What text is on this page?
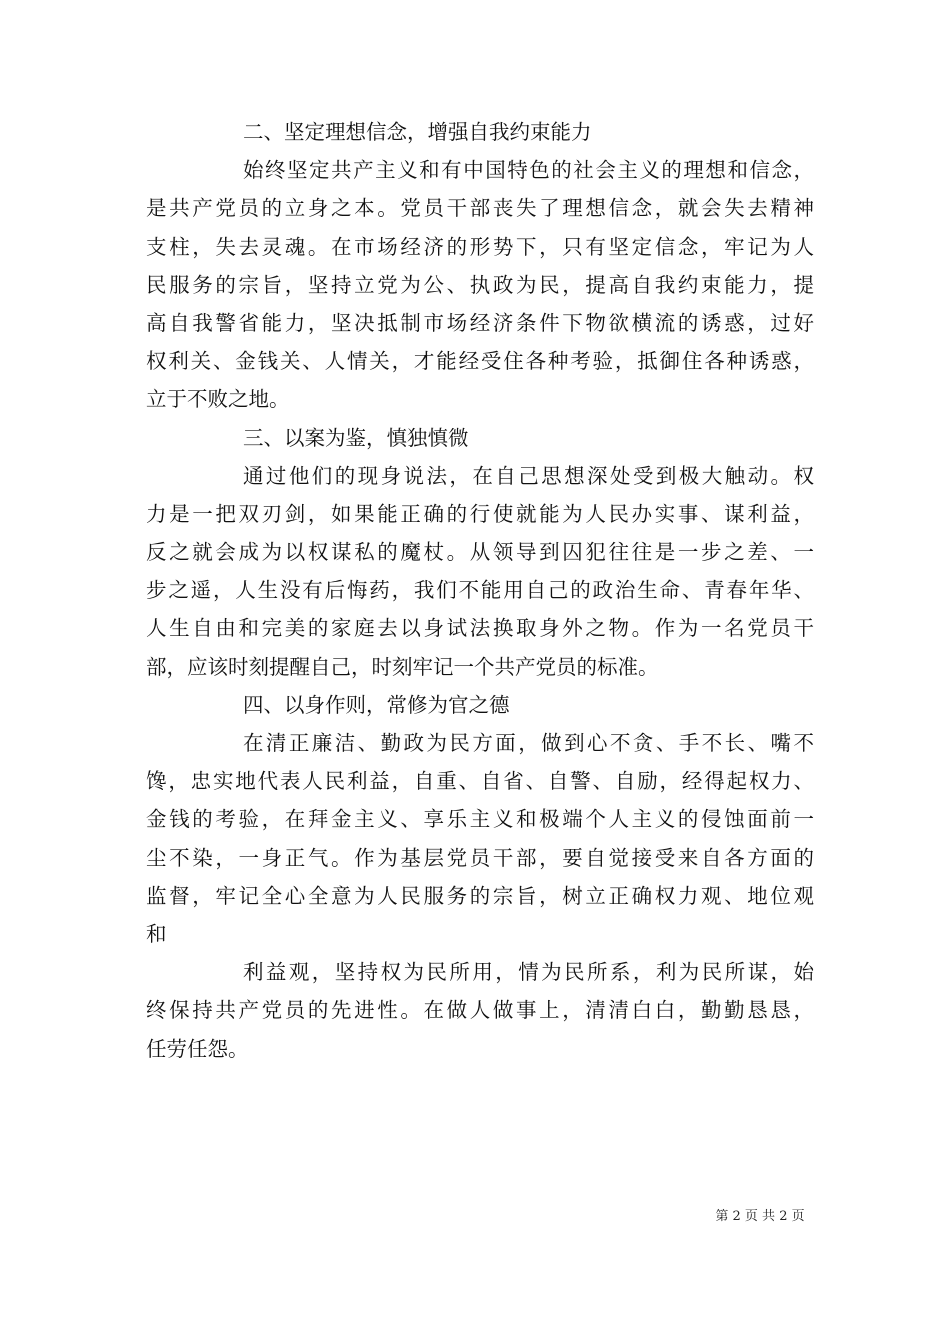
二、坚定理想信念，增强自我约束能力
始终坚定共产主义和有中国特色的社会主义的理想和信念，
是共产党员的立身之本。党员干部丧失了理想信念，就会失去精神
支柱，失去灵魂。在市场经济的形势下，只有坚定信念，牢记为人
民服务的宗旨，坚持立党为公、执政为民，提高自我约束能力，提
高自我警省能力，坚决抵制市场经济条件下物欲横流的诱惑，过好
权利关、金钱关、人情关，才能经受住各种考验，抵御住各种诱惑，
立于不败之地。
三、以案为鉴，慎独慎微
通过他们的现身说法，在自己思想深处受到极大触动。权
力是一把双刃剑，如果能正确的行使就能为人民办实事、谋利益，
反之就会成为以权谋私的魔杖。从领导到囚犯往往是一步之差、一
步之遥，人生没有后悔药，我们不能用自己的政治生命、青春年华、
人生自由和完美的家庭去以身试法换取身外之物。作为一名党员干
部，应该时刻提醒自己，时刻牢记一个共产党员的标准。
四、以身作则，常修为官之德
在清正廉洁、勤政为民方面，做到心不贪、手不长、嘴不
馋，忠实地代表人民利益，自重、自省、自警、自励，经得起权力、
金钱的考验，在拜金主义、享乐主义和极端个人主义的侵蚀面前一
尘不染，一身正气。作为基层党员干部，要自觉接受来自各方面的
监督，牢记全心全意为人民服务的宗旨，树立正确权力观、地位观
和
利益观，坚持权为民所用，情为民所系，利为民所谋，始
终保持共产党员的先进性。在做人做事上，清清白白，勤勤恳恳，
任劳任怨。
第 2 页 共 2 页
